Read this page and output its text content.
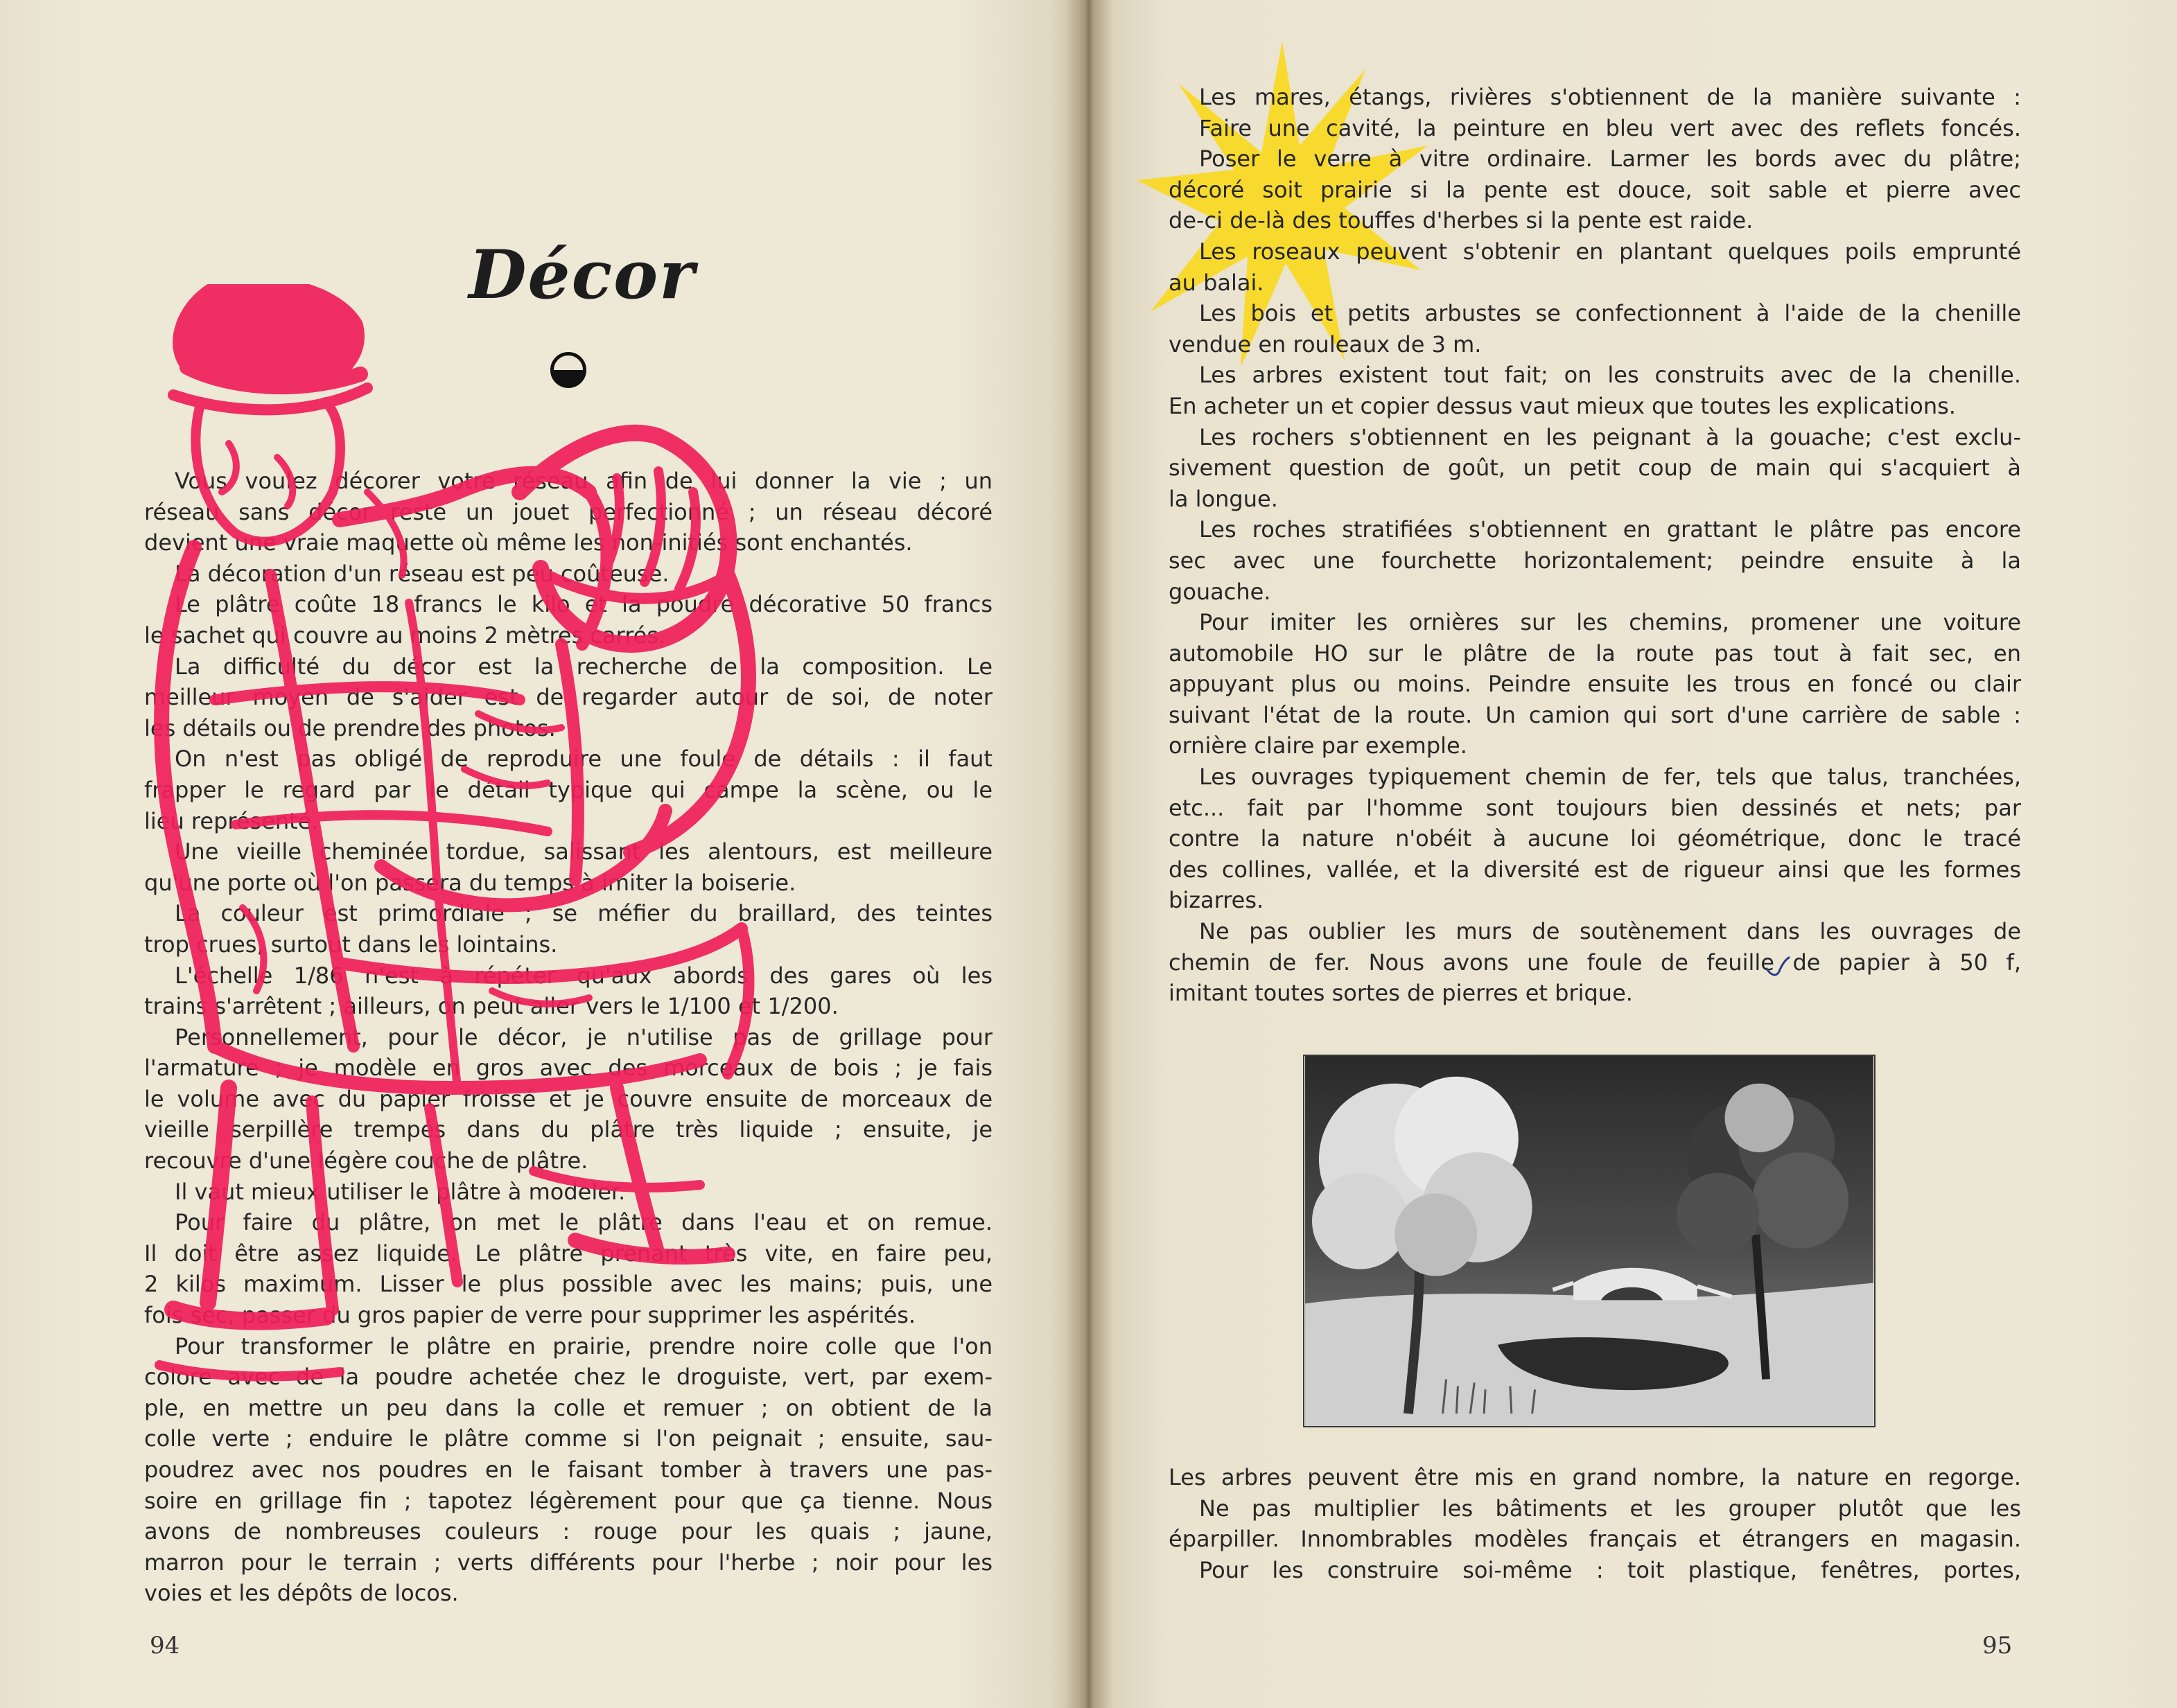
Décor
Vous voulez décorer votre réseau afin de lui donner la vie ; un
réseau sans décor reste un jouet perfectionné ; un réseau décoré
devient une vraie maquette où même les non-initiés sont enchantés.
La décoration d'un réseau est peu coûteuse.
Le plâtre coûte 18 francs le kilo et la poudre décorative 50 francs
le sachet qui couvre au moins 2 mètres carrés.
La difficulté du décor est la recherche de la composition. Le
meilleur moyen de s'aider est de regarder autour de soi, de noter
les détails ou de prendre des photos.
On n'est pas obligé de reproduire une foule de détails : il faut
frapper le regard par le détail typique qui campe la scène, ou le
lieu représenté.
Une vieille cheminée tordue, salissant les alentours, est meilleure
qu'une porte où l'on passera du temps à imiter la boiserie.
La couleur est primordiale ; se méfier du braillard, des teintes
trop crues, surtout dans les lointains.
L'échelle 1/86 n'est à répéter qu'aux abords des gares où les
trains s'arrêtent ; ailleurs, on peut aller vers le 1/100 et 1/200.
Personnellement, pour le décor, je n'utilise pas de grillage pour
l'armature ; je modèle en gros avec des morceaux de bois ; je fais
le volume avec du papier froissé et je couvre ensuite de morceaux de
vieille serpillère trempés dans du plâtre très liquide ; ensuite, je
recouvre d'une légère couche de plâtre.
Il vaut mieux utiliser le plâtre à modeler.
Pour faire du plâtre, on met le plâtre dans l'eau et on remue.
Il doit être assez liquide. Le plâtre prenant très vite, en faire peu,
2 kilos maximum. Lisser le plus possible avec les mains; puis, une
fois sec, passer du gros papier de verre pour supprimer les aspérités.
Pour transformer le plâtre en prairie, prendre noire colle que l'on
colore avec de la poudre achetée chez le droguiste, vert, par exem-
ple, en mettre un peu dans la colle et remuer ; on obtient de la
colle verte ; enduire le plâtre comme si l'on peignait ; ensuite, sau-
poudrez avec nos poudres en le faisant tomber à travers une pas-
soire en grillage fin ; tapotez légèrement pour que ça tienne. Nous
avons de nombreuses couleurs : rouge pour les quais ; jaune,
marron pour le terrain ; verts différents pour l'herbe ; noir pour les
voies et les dépôts de locos.
94
Les mares, étangs, rivières s'obtiennent de la manière suivante :
Faire une cavité, la peinture en bleu vert avec des reflets foncés.
Poser le verre à vitre ordinaire. Larmer les bords avec du plâtre;
décoré soit prairie si la pente est douce, soit sable et pierre avec
de-ci de-là des touffes d'herbes si la pente est raide.
Les roseaux peuvent s'obtenir en plantant quelques poils emprunté
au balai.
Les bois et petits arbustes se confectionnent à l'aide de la chenille
vendue en rouleaux de 3 m.
Les arbres existent tout fait; on les construits avec de la chenille.
En acheter un et copier dessus vaut mieux que toutes les explications.
Les rochers s'obtiennent en les peignant à la gouache; c'est exclu-
sivement question de goût, un petit coup de main qui s'acquiert à
la longue.
Les roches stratifiées s'obtiennent en grattant le plâtre pas encore
sec avec une fourchette horizontalement; peindre ensuite à la
gouache.
Pour imiter les ornières sur les chemins, promener une voiture
automobile HO sur le plâtre de la route pas tout à fait sec, en
appuyant plus ou moins. Peindre ensuite les trous en foncé ou clair
suivant l'état de la route. Un camion qui sort d'une carrière de sable :
ornière claire par exemple.
Les ouvrages typiquement chemin de fer, tels que talus, tranchées,
etc... fait par l'homme sont toujours bien dessinés et nets; par
contre la nature n'obéit à aucune loi géométrique, donc le tracé
des collines, vallée, et la diversité est de rigueur ainsi que les formes
bizarres.
Ne pas oublier les murs de soutènement dans les ouvrages de
chemin de fer. Nous avons une foule de feuille de papier à 50 f,
imitant toutes sortes de pierres et brique.
Les arbres peuvent être mis en grand nombre, la nature en regorge.
Ne pas multiplier les bâtiments et les grouper plutôt que les
éparpiller. Innombrables modèles français et étrangers en magasin.
Pour les construire soi-même : toit plastique, fenêtres, portes,
95
